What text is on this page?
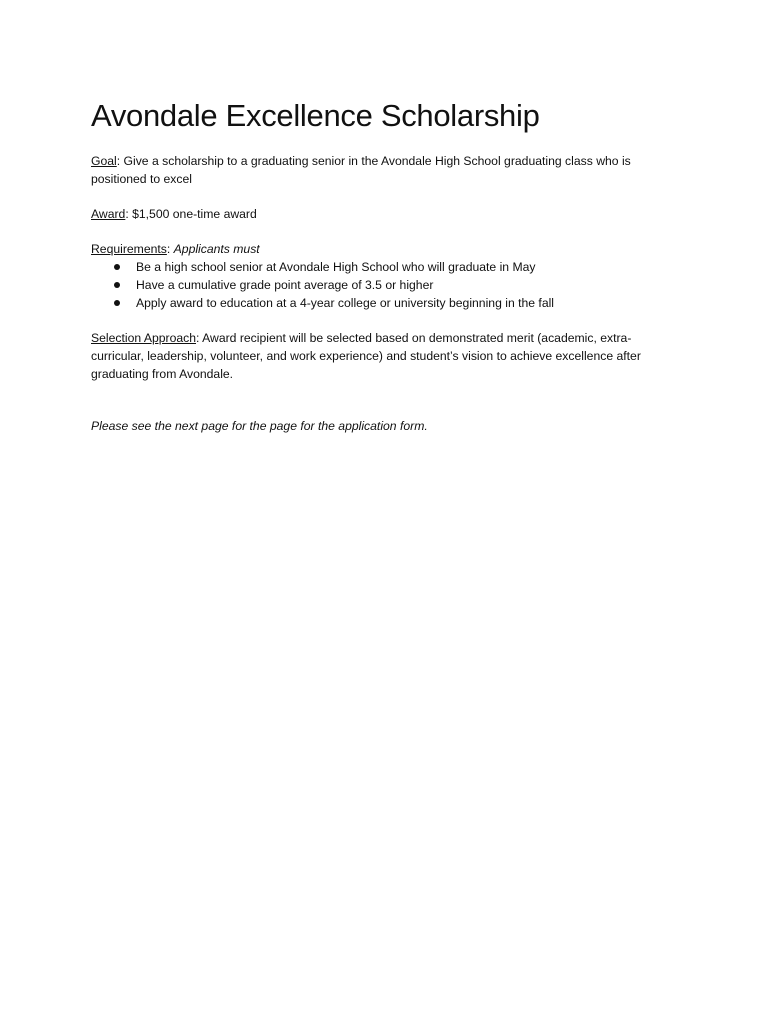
Avondale Excellence Scholarship

Goal: Give a scholarship to a graduating senior in the Avondale High School graduating class who is positioned to excel

Award: $1,500 one-time award

Requirements: Applicants must

Be a high school senior at Avondale High School who will graduate in May
Have a cumulative grade point average of 3.5 or higher
Apply award to education at a 4-year college or university beginning in the fall

Selection Approach: Award recipient will be selected based on demonstrated merit (academic, extra-curricular, leadership, volunteer, and work experience) and student’s vision to achieve excellence after graduating from Avondale.

Please see the next page for the page for the application form.
